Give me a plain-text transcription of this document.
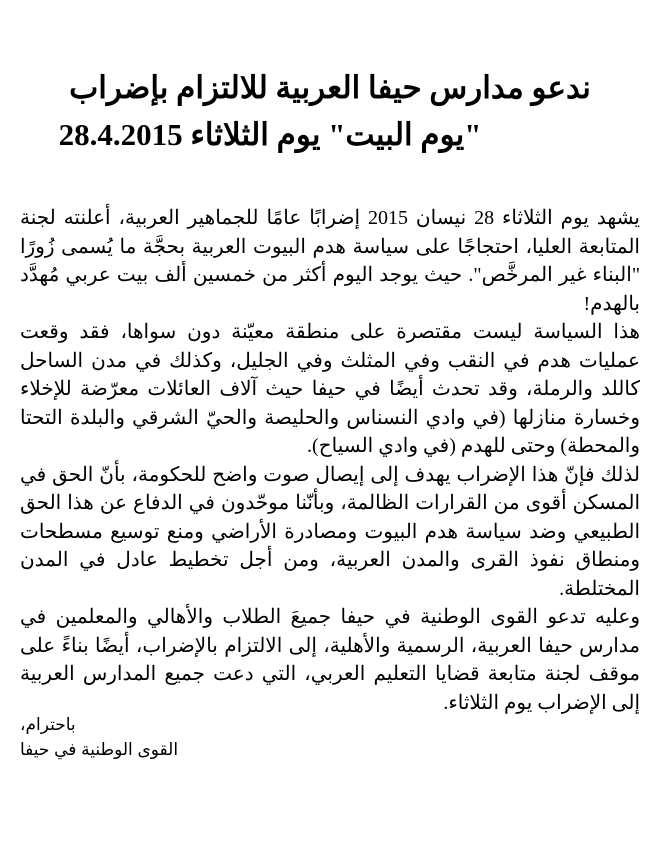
ندعو مدارس حيفا العربية للالتزام بإضراب
"يوم البيت" يوم الثلاثاء 28.4.2015

يشهد يوم الثلاثاء 28 نيسان 2015 إضرابًا عامًا للجماهير العربية، أعلنته لجنة المتابعة العليا، احتجاجًا على سياسة هدم البيوت العربية بحجَّة ما يُسمى زُورًا "البناء غير المرخَّص". حيث يوجد اليوم أكثر من خمسين ألف بيت عربي مُهدَّد بالهدم!

هذا السياسة ليست مقتصرة على منطقة معيّنة دون سواها، فقد وقعت عمليات هدم في النقب وفي المثلث وفي الجليل، وكذلك في مدن الساحل كاللد والرملة، وقد تحدث أيضًا في حيفا حيث آلاف العائلات معرّضة للإخلاء وخسارة منازلها (في وادي النسناس والحليصة والحيّ الشرقي والبلدة التحتا والمحطة) وحتى للهدم (في وادي السياح).

لذلك فإنّ هذا الإضراب يهدف إلى إيصال صوت واضح للحكومة، بأنّ الحق في المسكن أقوى من القرارات الظالمة، وبأنّنا موحّدون في الدفاع عن هذا الحق الطبيعي وضد سياسة هدم البيوت ومصادرة الأراضي ومنع توسيع مسطحات ومنطاق نفوذ القرى والمدن العربية، ومن أجل تخطيط عادل في المدن المختلطة.

وعليه تدعو القوى الوطنية في حيفا جميعَ الطلاب والأهالي والمعلمين في مدارس حيفا العربية، الرسمية والأهلية، إلى الالتزام بالإضراب، أيضًا بناءً على موقف لجنة متابعة قضايا التعليم العربي، التي دعت جميع المدارس العربية إلى الإضراب يوم الثلاثاء.

باحترام،
القوى الوطنية في حيفا
